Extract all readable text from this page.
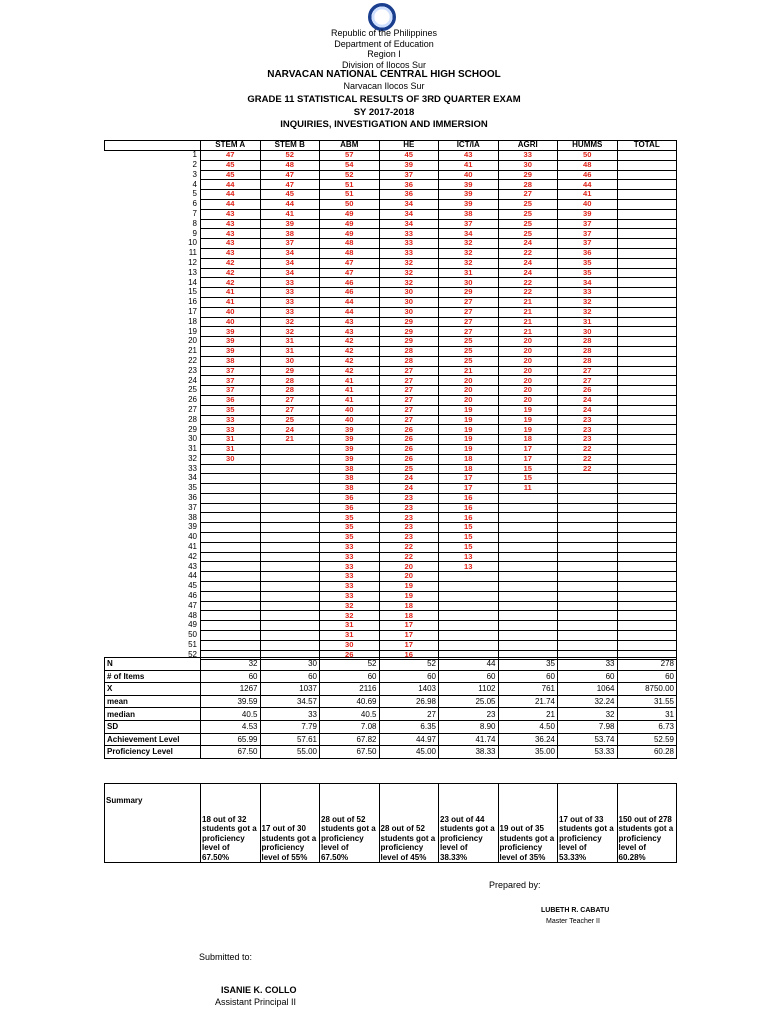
Republic of the Philippines
Department of Education
Region I
Division of Ilocos Sur
NARVACAN NATIONAL CENTRAL HIGH SCHOOL
Narvacan Ilocos Sur
GRADE 11 STATISTICAL RESULTS OF 3RD QUARTER EXAM
SY 2017-2018
INQUIRIES, INVESTIGATION AND IMMERSION
	STEM A	STEM B	ABM	HE	ICT/IA	AGRI	HUMMS	TOTAL
1	47	52	57	45	43	33	50	
2	45	48	54	39	41	30	48	
3	45	47	52	37	40	29	46	
4	44	47	51	36	39	28	44	
5	44	45	51	36	39	27	41	
6	44	44	50	34	39	25	40	
7	43	41	49	34	38	25	39	
8	43	39	49	34	37	25	37	
9	43	38	49	33	34	25	37	
10	43	37	48	33	32	24	37	
11	43	34	48	33	32	22	36	
12	42	34	47	32	32	24	35	
13	42	34	47	32	31	24	35	
14	42	33	46	32	30	22	34	
15	41	33	46	30	29	22	33	
16	41	33	44	30	27	21	32	
17	40	33	44	30	27	21	32	
18	40	32	43	29	27	21	31	
19	39	32	43	29	27	21	30	
20	39	31	42	29	25	20	28	
21	39	31	42	28	25	20	28	
22	38	30	42	28	25	20	28	
23	37	29	42	27	21	20	27	
24	37	28	41	27	20	20	27	
25	37	28	41	27	20	20	26	
26	36	27	41	27	20	20	24	
27	35	27	40	27	19	19	24	
28	33	25	40	27	19	19	23	
29	33	24	39	26	19	19	23	
30	31	21	39	26	19	18	23	
31	31		39	26	19	17	22	
32	30		39	26	18	17	22	
33			38	25	18	15	22	
34			38	24	17	15		
35			38	24	17	11		
36			36	23	16			
37			36	23	16			
38			35	23	16			
39			35	23	15			
40			35	23	15			
41			33	22	15			
42			33	22	13			
43			33	20	13			
44			33	20				
45			33	19				
46			33	19				
47			32	18				
48			32	18				
49			31	17				
50			31	17				
51			30	17				
52			26	16				
N	32	30	52	52	44	35	33	278
# of Items	60	60	60	60	60	60	60	60
X	1267	1037	2116	1403	1102	761	1064	8750.00
mean	39.59	34.57	40.69	26.98	25.05	21.74	32.24	31.55
median	40.5	33	40.5	27	23	21	32	31
SD	4.53	7.79	7.08	6.35	8.90	4.50	7.98	6.73
Achievement Level	65.99	57.61	67.82	44.97	41.74	36.24	53.74	52.59
Proficiency Level	67.50	55.00	67.50	45.00	38.33	35.00	53.33	60.28
Summary	18 out of 32 students got a proficiency level of 67.50%	17 out of 30 students got a proficiency level of 55%	28 out of 52 students got a proficiency level of 67.50%	28 out of 52 students got a proficiency level of 45%	23 out of 44 students got a proficiency level of 38.33%	19 out of 35 students got a proficiency level of 35%	17 out of 33 students got a proficiency level of 53.33%	150 out of 278 students got a proficiency level of 60.28%
Prepared by:
LUBETH R. CABATU
Master Teacher II
Submitted to:
ISANIE K. COLLO
Assistant Principal II
